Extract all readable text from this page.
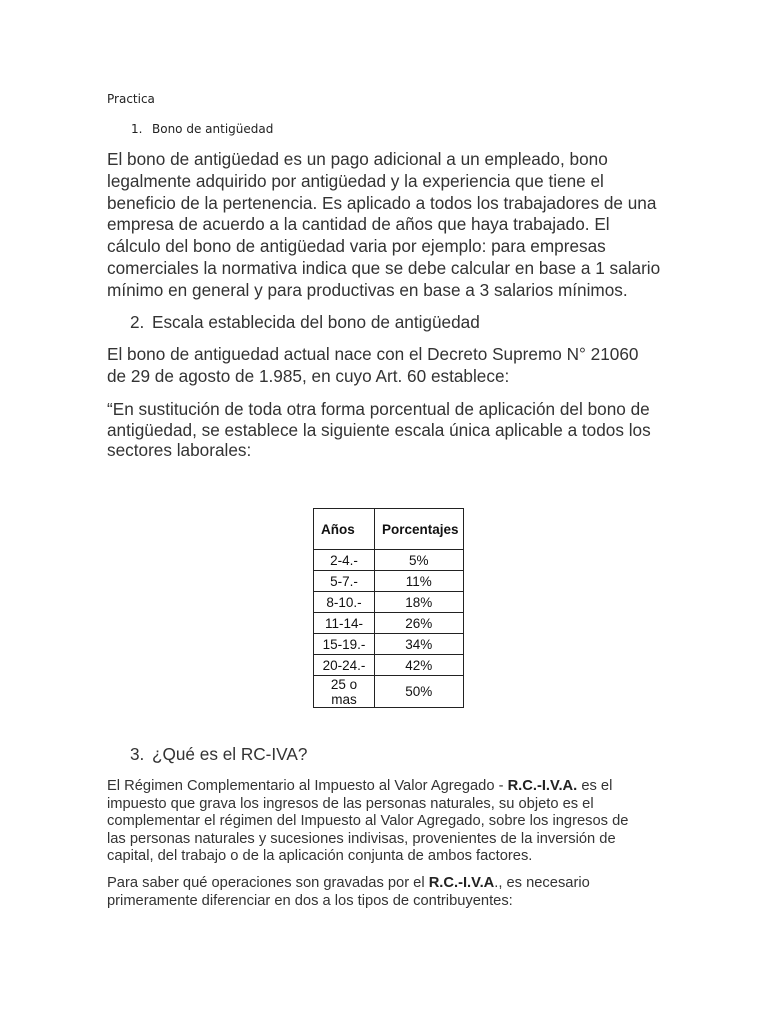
Practica
1. Bono de antigüedad

El bono de antigüedad es un pago adicional a un empleado, bono legalmente adquirido por antigüedad y la experiencia que tiene el beneficio de la pertenencia. Es aplicado a todos los trabajadores de una empresa de acuerdo a la cantidad de años que haya trabajado. El cálculo del bono de antigüedad varia por ejemplo: para empresas comerciales la normativa indica que se debe calcular en base a 1 salario mínimo en general y para productivas en base a 3 salarios mínimos.

2. Escala establecida del bono de antigüedad

El bono de antiguedad actual nace con el Decreto Supremo N° 21060 de 29 de agosto de 1.985, en cuyo Art. 60 establece:

“En sustitución de toda otra forma porcentual de aplicación del bono de antigüedad, se establece la siguiente escala única aplicable a todos los sectores laborales:

Años	Porcentajes
2-4.-	5%
5-7.-	11%
8-10.-	18%
11-14-	26%
15-19.-	34%
20-24.-	42%
25 o mas	50%
3. ¿Qué es el RC-IVA?

El Régimen Complementario al Impuesto al Valor Agregado - R.C.-I.V.A. es el impuesto que grava los ingresos de las personas naturales, su objeto es el complementar el régimen del Impuesto al Valor Agregado, sobre los ingresos de las personas naturales y sucesiones indivisas, provenientes de la inversión de capital, del trabajo o de la aplicación conjunta de ambos factores.

Para saber qué operaciones son gravadas por el R.C.-I.V.A., es necesario primeramente diferenciar en dos a los tipos de contribuyentes:
